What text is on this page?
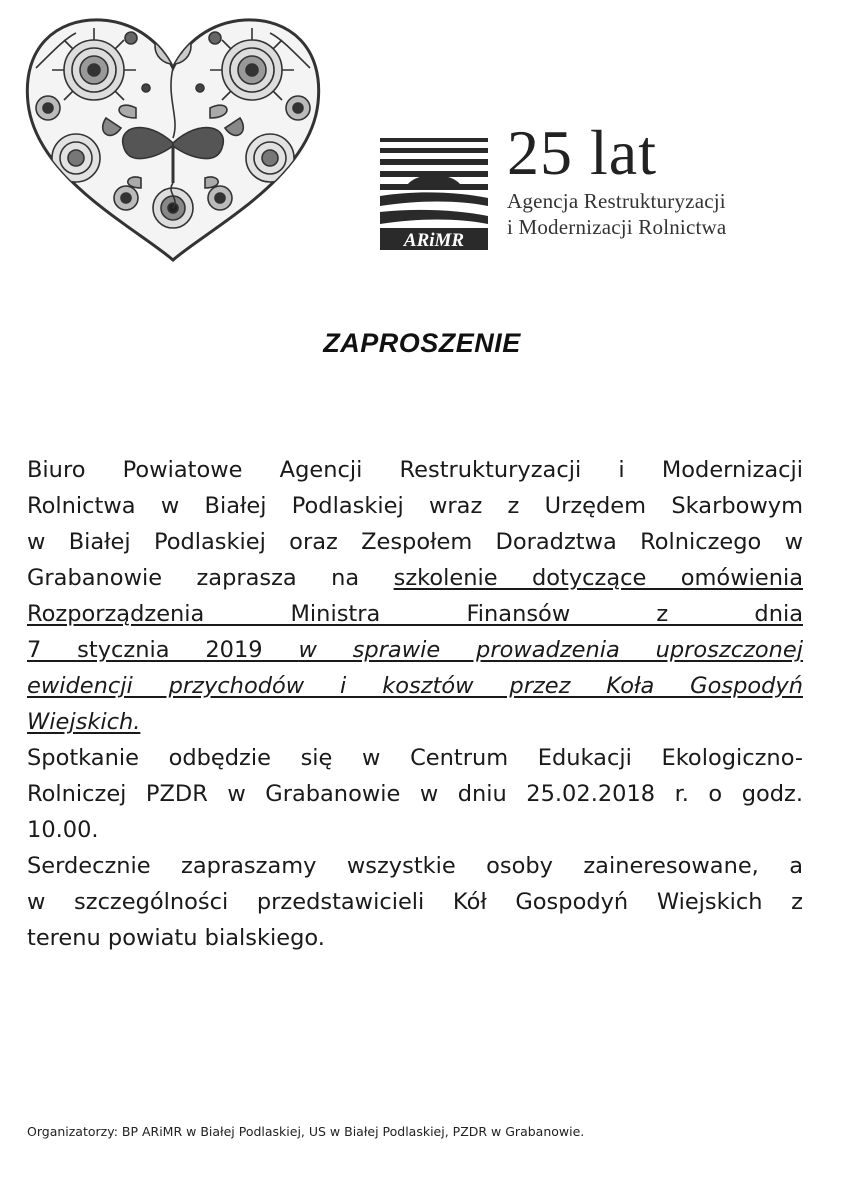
ARiMR
25 lat
Agencja Restrukturyzacji
i Modernizacji Rolnictwa
ZAPROSZENIE

Biuro Powiatowe Agencji Restrukturyzacji i Modernizacji
Rolnictwa w Białej Podlaskiej wraz z Urzędem Skarbowym
w Białej Podlaskiej oraz Zespołem Doradztwa Rolniczego w
Grabanowie zaprasza na szkolenie dotyczące omówienia
Rozporządzenia Ministra Finansów z dnia
7 stycznia 2019 w sprawie prowadzenia uproszczonej
ewidencji przychodów i kosztów przez Koła Gospodyń
Wiejskich.

Spotkanie odbędzie się w Centrum Edukacji Ekologiczno-
Rolniczej PZDR w Grabanowie w dniu 25.02.2018 r. o godz.
10.00.

Serdecznie zapraszamy wszystkie osoby zaineresowane, a
w szczególności przedstawicieli Kół Gospodyń Wiejskich z
terenu powiatu bialskiego.

Organizatorzy: BP ARiMR w Białej Podlaskiej, US w Białej Podlaskiej, PZDR w Grabanowie.
